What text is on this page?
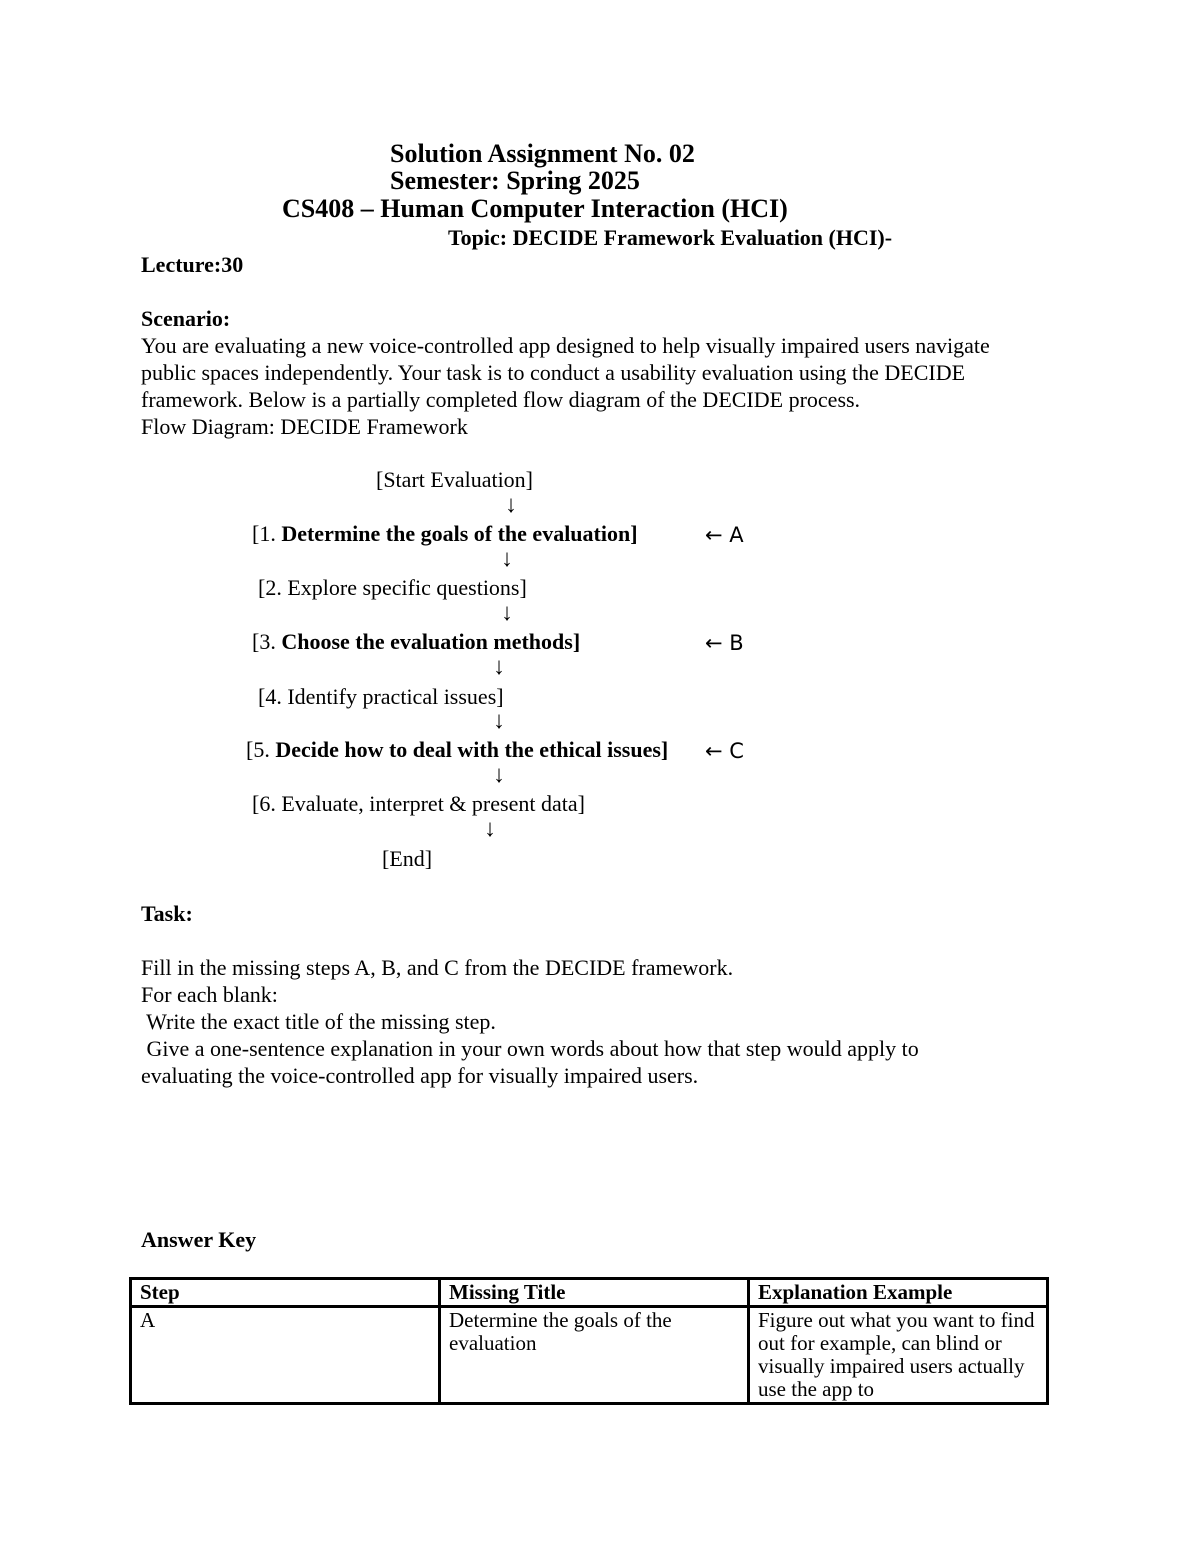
Solution Assignment No. 02
Semester: Spring 2025
CS408 – Human Computer Interaction (HCI)
Topic: DECIDE Framework Evaluation (HCI)-
Lecture:30
Scenario:
You are evaluating a new voice-controlled app designed to help visually impaired users navigate
public spaces independently. Your task is to conduct a usability evaluation using the DECIDE
framework. Below is a partially completed flow diagram of the DECIDE process.
Flow Diagram: DECIDE Framework
[Start Evaluation]
↓
[1. Determine the goals of the evaluation]	← A
↓
[2. Explore specific questions]
↓
[3. Choose the evaluation methods]	← B
↓
[4. Identify practical issues]
↓
[5. Decide how to deal with the ethical issues] ← C
↓
[6. Evaluate, interpret & present data]
↓
[End]
Task:
Fill in the missing steps A, B, and C from the DECIDE framework.
For each blank:
Write the exact title of the missing step.
Give a one-sentence explanation in your own words about how that step would apply to
evaluating the voice-controlled app for visually impaired users.
Answer Key
Step	Missing Title	Explanation Example

A	Determine the goals of the evaluation	Figure out what you want to find out for example, can blind or visually impaired users actually use the app to
